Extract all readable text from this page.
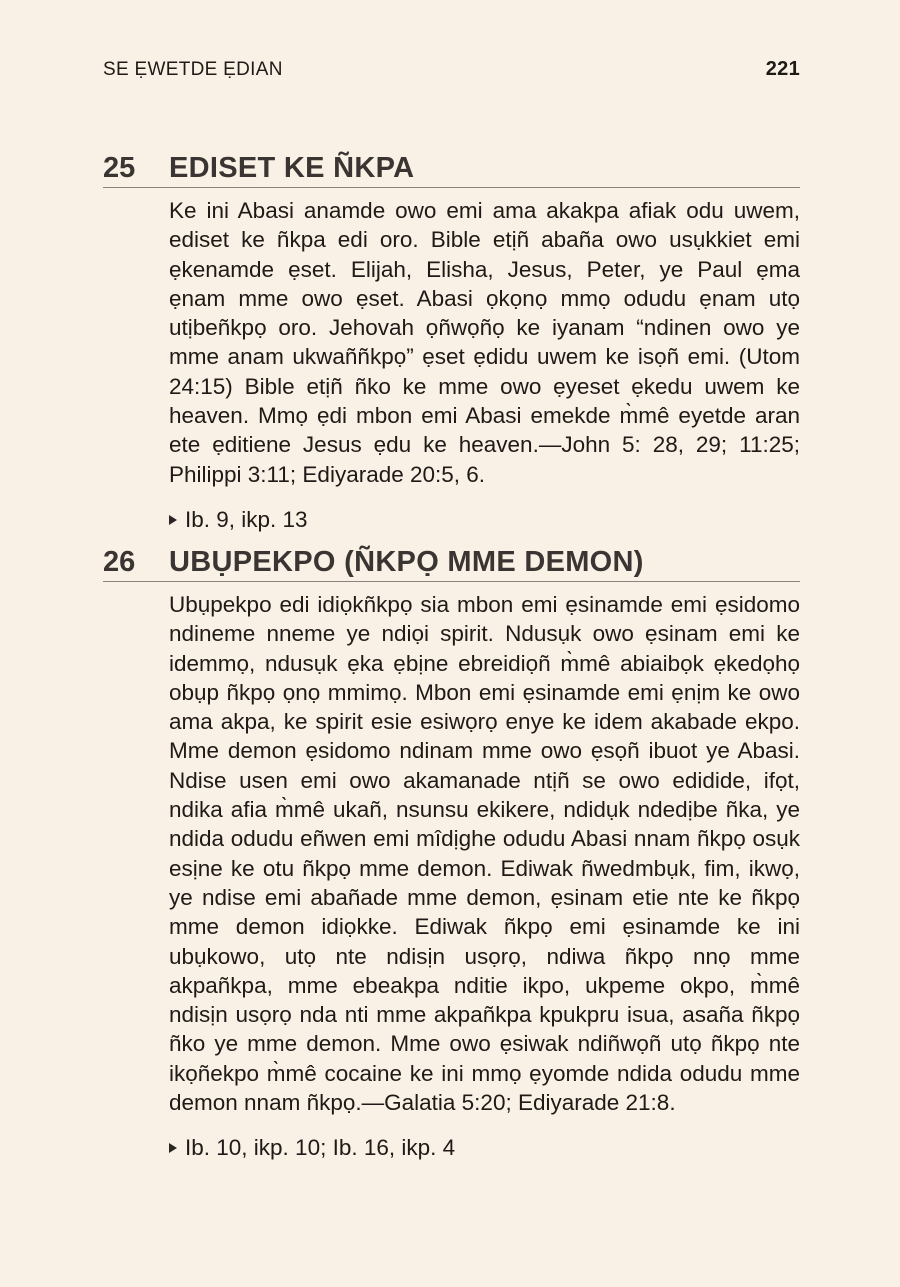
SE ẸWETDE ẸDIAN	221
25	EDISET KE ÑKPA
Ke ini Abasi anamde owo emi ama akakpa afiak odu uwem, ediset ke ñkpa edi oro. Bible etịñ abaña owo usụkkiet emi ẹkenamde ẹset. Elijah, Elisha, Jesus, Peter, ye Paul ẹma ẹnam mme owo ẹset. Abasi ọkọnọ mmọ odudu ẹnam utọ utịbeñkpọ oro. Jehovah ọñwọñọ ke iyanam “ndinen owo ye mme anam ukwaññkpọ” ẹset ẹdidu uwem ke isọñ emi. (Utom 24:15) Bible etịñ ñko ke mme owo ẹyeset ẹkedu uwem ke heaven. Mmọ ẹdi mbon emi Abasi emekde m̀mê eyetde aran ete ẹditiene Jesus ẹdu ke heaven.—John 5: 28, 29; 11:25; Philippi 3:11; Ediyarade 20:5, 6.
Ib. 9, ikp. 13
26	UBỤPEKPO (ÑKPỌ MME DEMON)
Ubụpekpo edi idiọkñkpọ sia mbon emi ẹsinamde emi ẹsidomo ndineme nneme ye ndiọi spirit. Ndusụk owo ẹsinam emi ke idemmọ, ndusụk ẹka ẹbịne ebreidiọñ m̀mê abiaibọk ẹkedọhọ obụp ñkpọ ọnọ mmimọ. Mbon emi ẹsinamde emi ẹnịm ke owo ama akpa, ke spirit esie esiwọrọ enye ke idem akabade ekpo. Mme demon ẹsidomo ndinam mme owo ẹsọñ ibuot ye Abasi. Ndise usen emi owo akamanade ntịñ se owo edidide, ifọt, ndika afia m̀mê ukañ, nsunsu ekikere, ndidụk ndedịbe ñka, ye ndida odudu eñwen emi mîdịghe odudu Abasi nnam ñkpọ osụk esịne ke otu ñkpọ mme demon. Ediwak ñwedmbụk, fim, ikwọ, ye ndise emi abañade mme demon, ẹsinam etie nte ke ñkpọ mme demon idiọkke. Ediwak ñkpọ emi ẹsinamde ke ini ubụkowo, utọ nte ndisịn usọrọ, ndiwa ñkpọ nnọ mme akpañkpa, mme ebeakpa nditie ikpo, ukpeme okpo, m̀mê ndisịn usọrọ nda nti mme akpañkpa kpukpru isua, asaña ñkpọ ñko ye mme demon. Mme owo ẹsiwak ndiñwọñ utọ ñkpọ nte ikọñekpo m̀mê cocaine ke ini mmọ ẹyomde ndida odudu mme demon nnam ñkpọ.—Galatia 5:20; Ediyarade 21:8.
Ib. 10, ikp. 10; Ib. 16, ikp. 4
